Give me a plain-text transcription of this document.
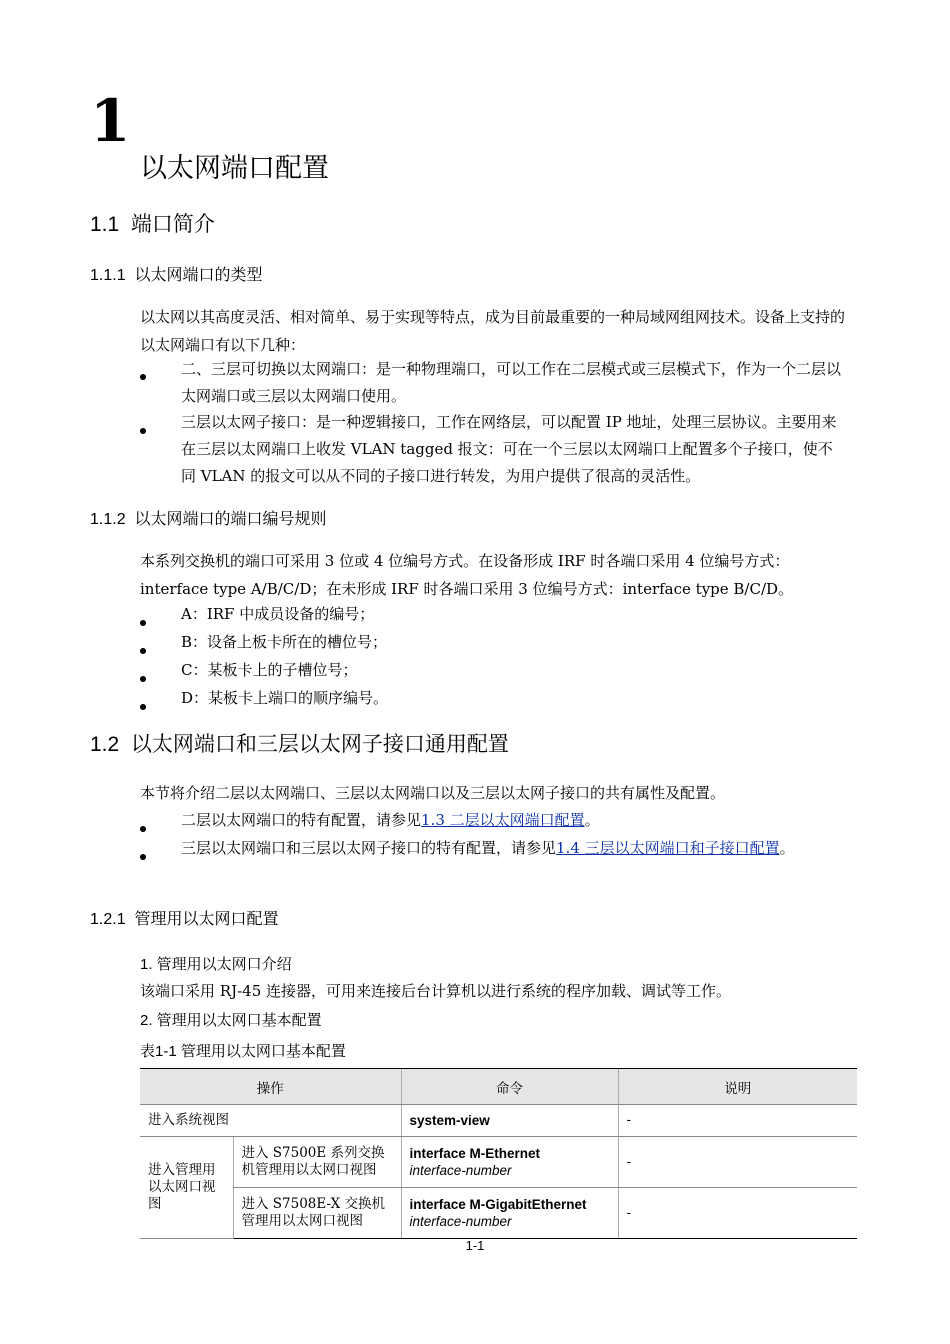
1
以太网端口配置
1.1 端口简介
1.1.1 以太网端口的类型
以太网以其高度灵活、相对简单、易于实现等特点，成为目前最重要的一种局域网组网技术。设备上支持的以太网端口有以下几种：
二、三层可切换以太网端口：是一种物理端口，可以工作在二层模式或三层模式下，作为一个二层以太网端口或三层以太网端口使用。
三层以太网子接口：是一种逻辑接口，工作在网络层，可以配置 IP 地址，处理三层协议。主要用来在三层以太网端口上收发 VLAN tagged 报文：可在一个三层以太网端口上配置多个子接口，使不同 VLAN 的报文可以从不同的子接口进行转发，为用户提供了很高的灵活性。
1.1.2 以太网端口的端口编号规则
本系列交换机的端口可采用 3 位或 4 位编号方式。在设备形成 IRF 时各端口采用 4 位编号方式：interface type A/B/C/D；在未形成 IRF 时各端口采用 3 位编号方式：interface type B/C/D。
A：IRF 中成员设备的编号；
B：设备上板卡所在的槽位号；
C：某板卡上的子槽位号；
D：某板卡上端口的顺序编号。
1.2 以太网端口和三层以太网子接口通用配置
本节将介绍二层以太网端口、三层以太网端口以及三层以太网子接口的共有属性及配置。
二层以太网端口的特有配置，请参见1.3 二层以太网端口配置。
三层以太网端口和三层以太网子接口的特有配置，请参见1.4 三层以太网端口和子接口配置。
1.2.1 管理用以太网口配置
1. 管理用以太网口介绍
该端口采用 RJ-45 连接器，可用来连接后台计算机以进行系统的程序加载、调试等工作。
2. 管理用以太网口基本配置
表1-1 管理用以太网口基本配置
操作		命令	说明
进入系统视图		system-view	-
进入管理用以太网口视图	进入 S7500E 系列交换机管理用以太网口视图	interface M-Ethernet
interface-number	-
	进入 S7508E-X 交换机管理用以太网口视图	interface M-GigabitEthernet
interface-number	-
1-1
